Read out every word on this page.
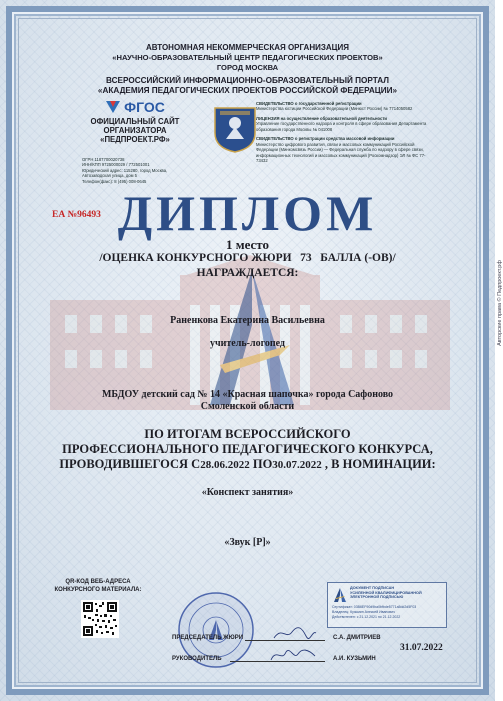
АВТОНОМНАЯ НЕКОММЕРЧЕСКАЯ ОРГАНИЗАЦИЯ
«НАУЧНО-ОБРАЗОВАТЕЛЬНЫЙ ЦЕНТР ПЕДАГОГИЧЕСКИХ ПРОЕКТОВ»
ГОРОД МОСКВА
ВСЕРОССИЙСКИЙ ИНФОРМАЦИОННО-ОБРАЗОВАТЕЛЬНЫЙ ПОРТАЛ
«АКАДЕМИЯ ПЕДАГОГИЧЕСКИХ ПРОЕКТОВ РОССИЙСКОЙ ФЕДЕРАЦИИ»
ФГОС
ОФИЦИАЛЬНЫЙ САЙТ
ОРГАНИЗАТОРА
«ПЕДПРОЕКТ.РФ»
ОГРН 1187700020738
ИНН/КПП 9725000029 / 772501001
Юридический адрес: 115280, город Москва,
Автозаводская улица, дом 5
Телефон(факс): 8 (495) 008-0645
СВИДЕТЕЛЬСТВО о государственной регистрации
Министерства юстиции Российской Федерации (Минюст России) № 7714050582
ЛИЦЕНЗИЯ на осуществление образовательной деятельности
Управление государственного надзора и контроля в сфере образования Департамента образования города Москвы № 041008
СВИДЕТЕЛЬСТВО о регистрации средства массовой информации
Министерство цифрового развития, связи и массовых коммуникаций Российской Федерации (Минкомсвязь России) — Федеральная служба по надзору в сфере связи, информационных технологий и массовых коммуникаций (Роскомнадзор) ЭЛ № ФС 77-73432
ЕА №96493 ДИПЛОМ
1 место
/ОЦЕНКА КОНКУРСНОГО ЖЮРИ   73   БАЛЛА (-ОВ)/
НАГРАЖДАЕТСЯ:
Раненкова Екатерина Васильевна
учитель-логопед
МБДОУ детский сад № 14 «Красная шапочка» города Сафоново
Смоленской области
ПО ИТОГАМ ВСЕРОССИЙСКОГО
ПРОФЕССИОНАЛЬНОГО ПЕДАГОГИЧЕСКОГО КОНКУРСА,
ПРОВОДИВШЕГОСЯ С28.06.2022 ПО30.07.2022 , В НОМИНАЦИИ:
«Конспект занятия»
«Звук [Р]»
QR-КОД ВЕБ-АДРЕСА
КОНКУРСНОГО МАТЕРИАЛА:	ДОКУМЕНТ ПОДПИСАН
УСИЛЕННОЙ КВАЛИФИЦИРОВАННОЙ
ЭЛЕКТРОННОЙ ПОДПИСЬЮ
Сертификат: 03B6EF90d9ba0bfbde5771a5dd2d5F03
Владелец: Кузьмин Алексей Иванович
Действителен: с 21.12.2021 по 21.12.2022
ПРЕДСЕДАТЕЛЬ ЖЮРИ	С.А. ДМИТРИЕВ
РУКОВОДИТЕЛЬ	А.И. КУЗЬМИН
31.07.2022
Авторские права © Педпроект.рф
